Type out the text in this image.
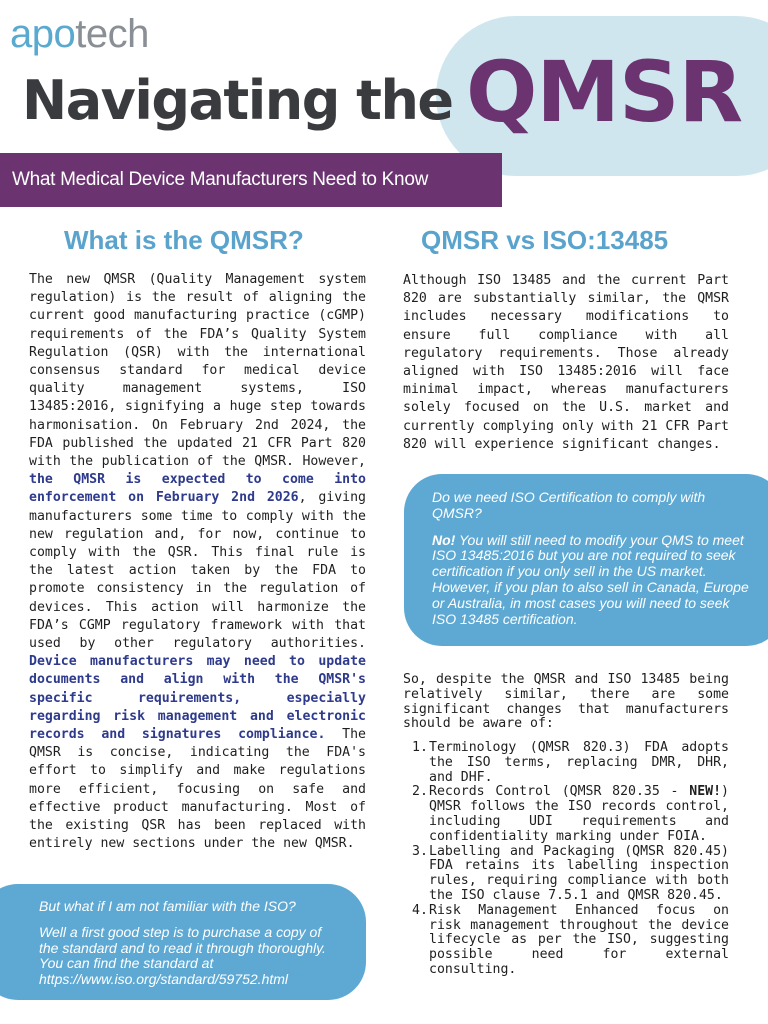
apotech
QMSR
Navigating the
What Medical Device Manufacturers Need to Know
What is the QMSR?	QMSR vs ISO:13485
The new QMSR (Quality Management system regulation) is the result of aligning the current good manufacturing practice (cGMP) requirements of the FDA’s Quality System Regulation (QSR) with the international consensus standard for medical device quality management systems, ISO 13485:2016, signifying a huge step towards harmonisation. On February 2nd 2024, the FDA published the updated 21 CFR Part 820 with the publication of the QMSR. However, the QMSR is expected to come into enforcement on February 2nd 2026, giving manufacturers some time to comply with the new regulation and, for now, continue to comply with the QSR. This final rule is the latest action taken by the FDA to promote consistency in the regulation of devices. This action will harmonize the FDA’s CGMP regulatory framework with that used by other regulatory authorities. Device manufacturers may need to update documents and align with the QMSR's specific requirements, especially regarding risk management and electronic records and signatures compliance. The QMSR is concise, indicating the FDA's effort to simplify and make regulations more efficient, focusing on safe and effective product manufacturing. Most of the existing QSR has been replaced with entirely new sections under the new QMSR.
Although ISO 13485 and the current Part 820 are substantially similar, the QMSR includes necessary modifications to ensure full compliance with all regulatory requirements. Those already aligned with ISO 13485:2016 will face minimal impact, whereas manufacturers solely focused on the U.S. market and currently complying only with 21 CFR Part 820 will experience significant changes.
Do we need ISO Certification to comply with QMSR?
No! You will still need to modify your QMS to meet ISO 13485:2016 but you are not required to seek certification if you only sell in the US market. However, if you plan to also sell in Canada, Europe or Australia, in most cases you will need to seek ISO 13485 certification.
So, despite the QMSR and ISO 13485 being relatively similar, there are some significant changes that manufacturers should be aware of:
1. Terminology (QMSR 820.3) FDA adopts the ISO terms, replacing DMR, DHR, and DHF.
2. Records Control (QMSR 820.35 - NEW!) QMSR follows the ISO records control, including UDI requirements and confidentiality marking under FOIA.
3. Labelling and Packaging (QMSR 820.45) FDA retains its labelling inspection rules, requiring compliance with both the ISO clause 7.5.1 and QMSR 820.45.
4. Risk Management Enhanced focus on risk management throughout the device lifecycle as per the ISO, suggesting possible need for external consulting.
But what if I am not familiar with the ISO?
Well a first good step is to purchase a copy of the standard and to read it through thoroughly. You can find the standard at https://www.iso.org/standard/59752.html
